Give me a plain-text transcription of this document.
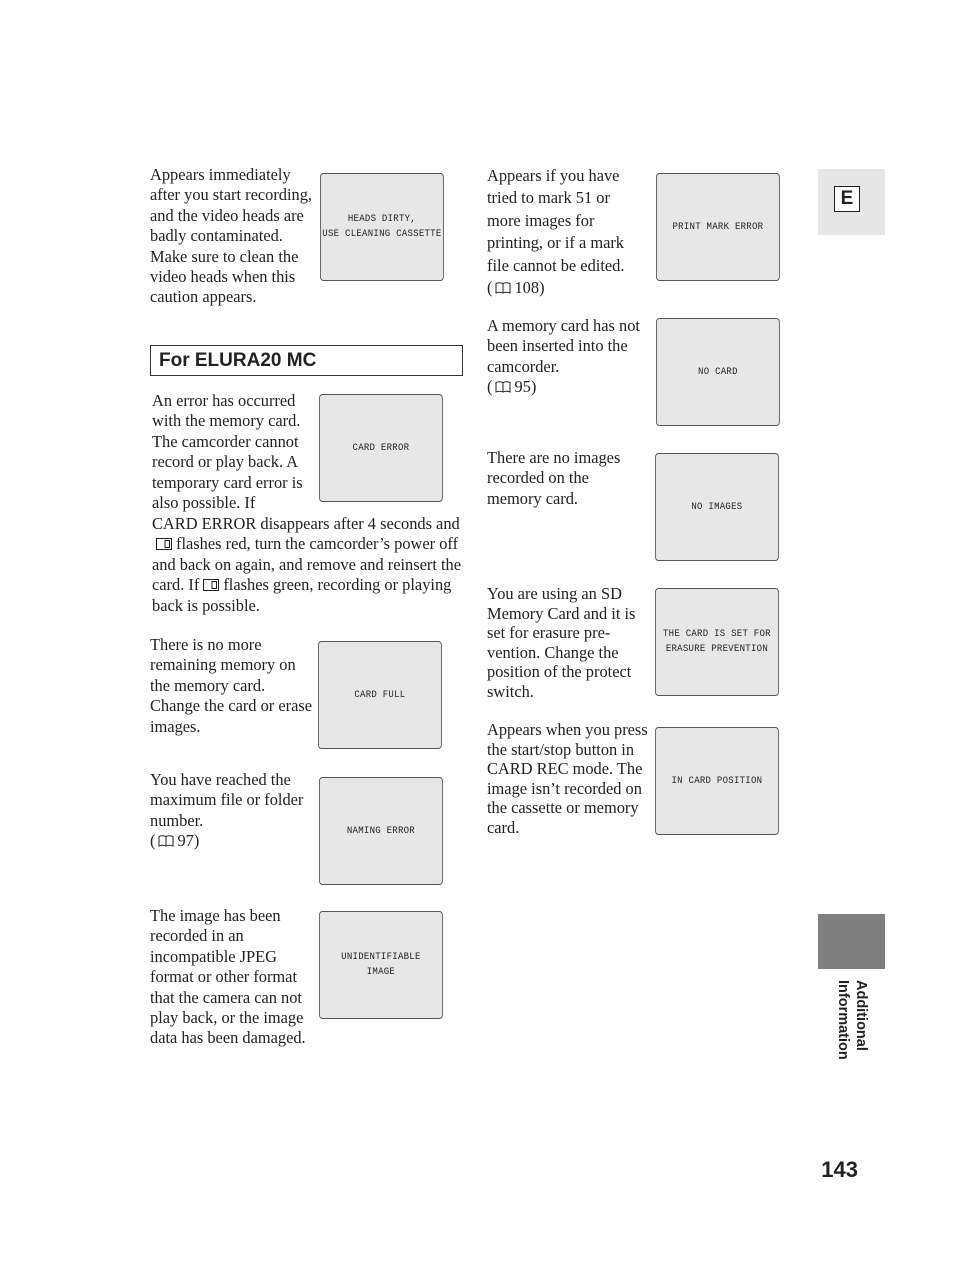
Appears immediately after you start recording, and the video heads are badly contaminated. Make sure to clean the video heads when this caution appears.
HEADS DIRTY,
USE CLEANING CASSETTE
For ELURA20 MC
An error has occurred with the memory card. The camcorder cannot record or play back. A temporary card error is also possible. If
CARD ERROR
CARD ERROR disappears after 4 seconds andflashes red, turn the camcorder’s power off and back on again, and remove and reinsert the card. If flashes green, recording or playing back is possible.
There is no more remaining memory on the memory card. Change the card or erase images.
CARD FULL
You have reached the maximum file or folder number.
( 97)
NAMING ERROR
The image has been recorded in an incompatible JPEG format or other format that the camera can not play back, or the image data has been damaged.
UNIDENTIFIABLE
IMAGE
Appears if you have tried to mark 51 or more images for printing, or if a mark file cannot be edited.
( 108)
PRINT MARK ERROR
A memory card has not been inserted into the camcorder.
( 95)
NO CARD
There are no images recorded on the memory card.	NO IMAGES
You are using an SD Memory Card and it is set for erasure pre- vention. Change the position of the protect switch.
THE CARD IS SET FOR
ERASURE PREVENTION
Appears when you press the start/stop button in CARD REC mode. The image isn’t recorded on the cassette or memory card.
IN CARD POSITION
E
Additional
Information
143
